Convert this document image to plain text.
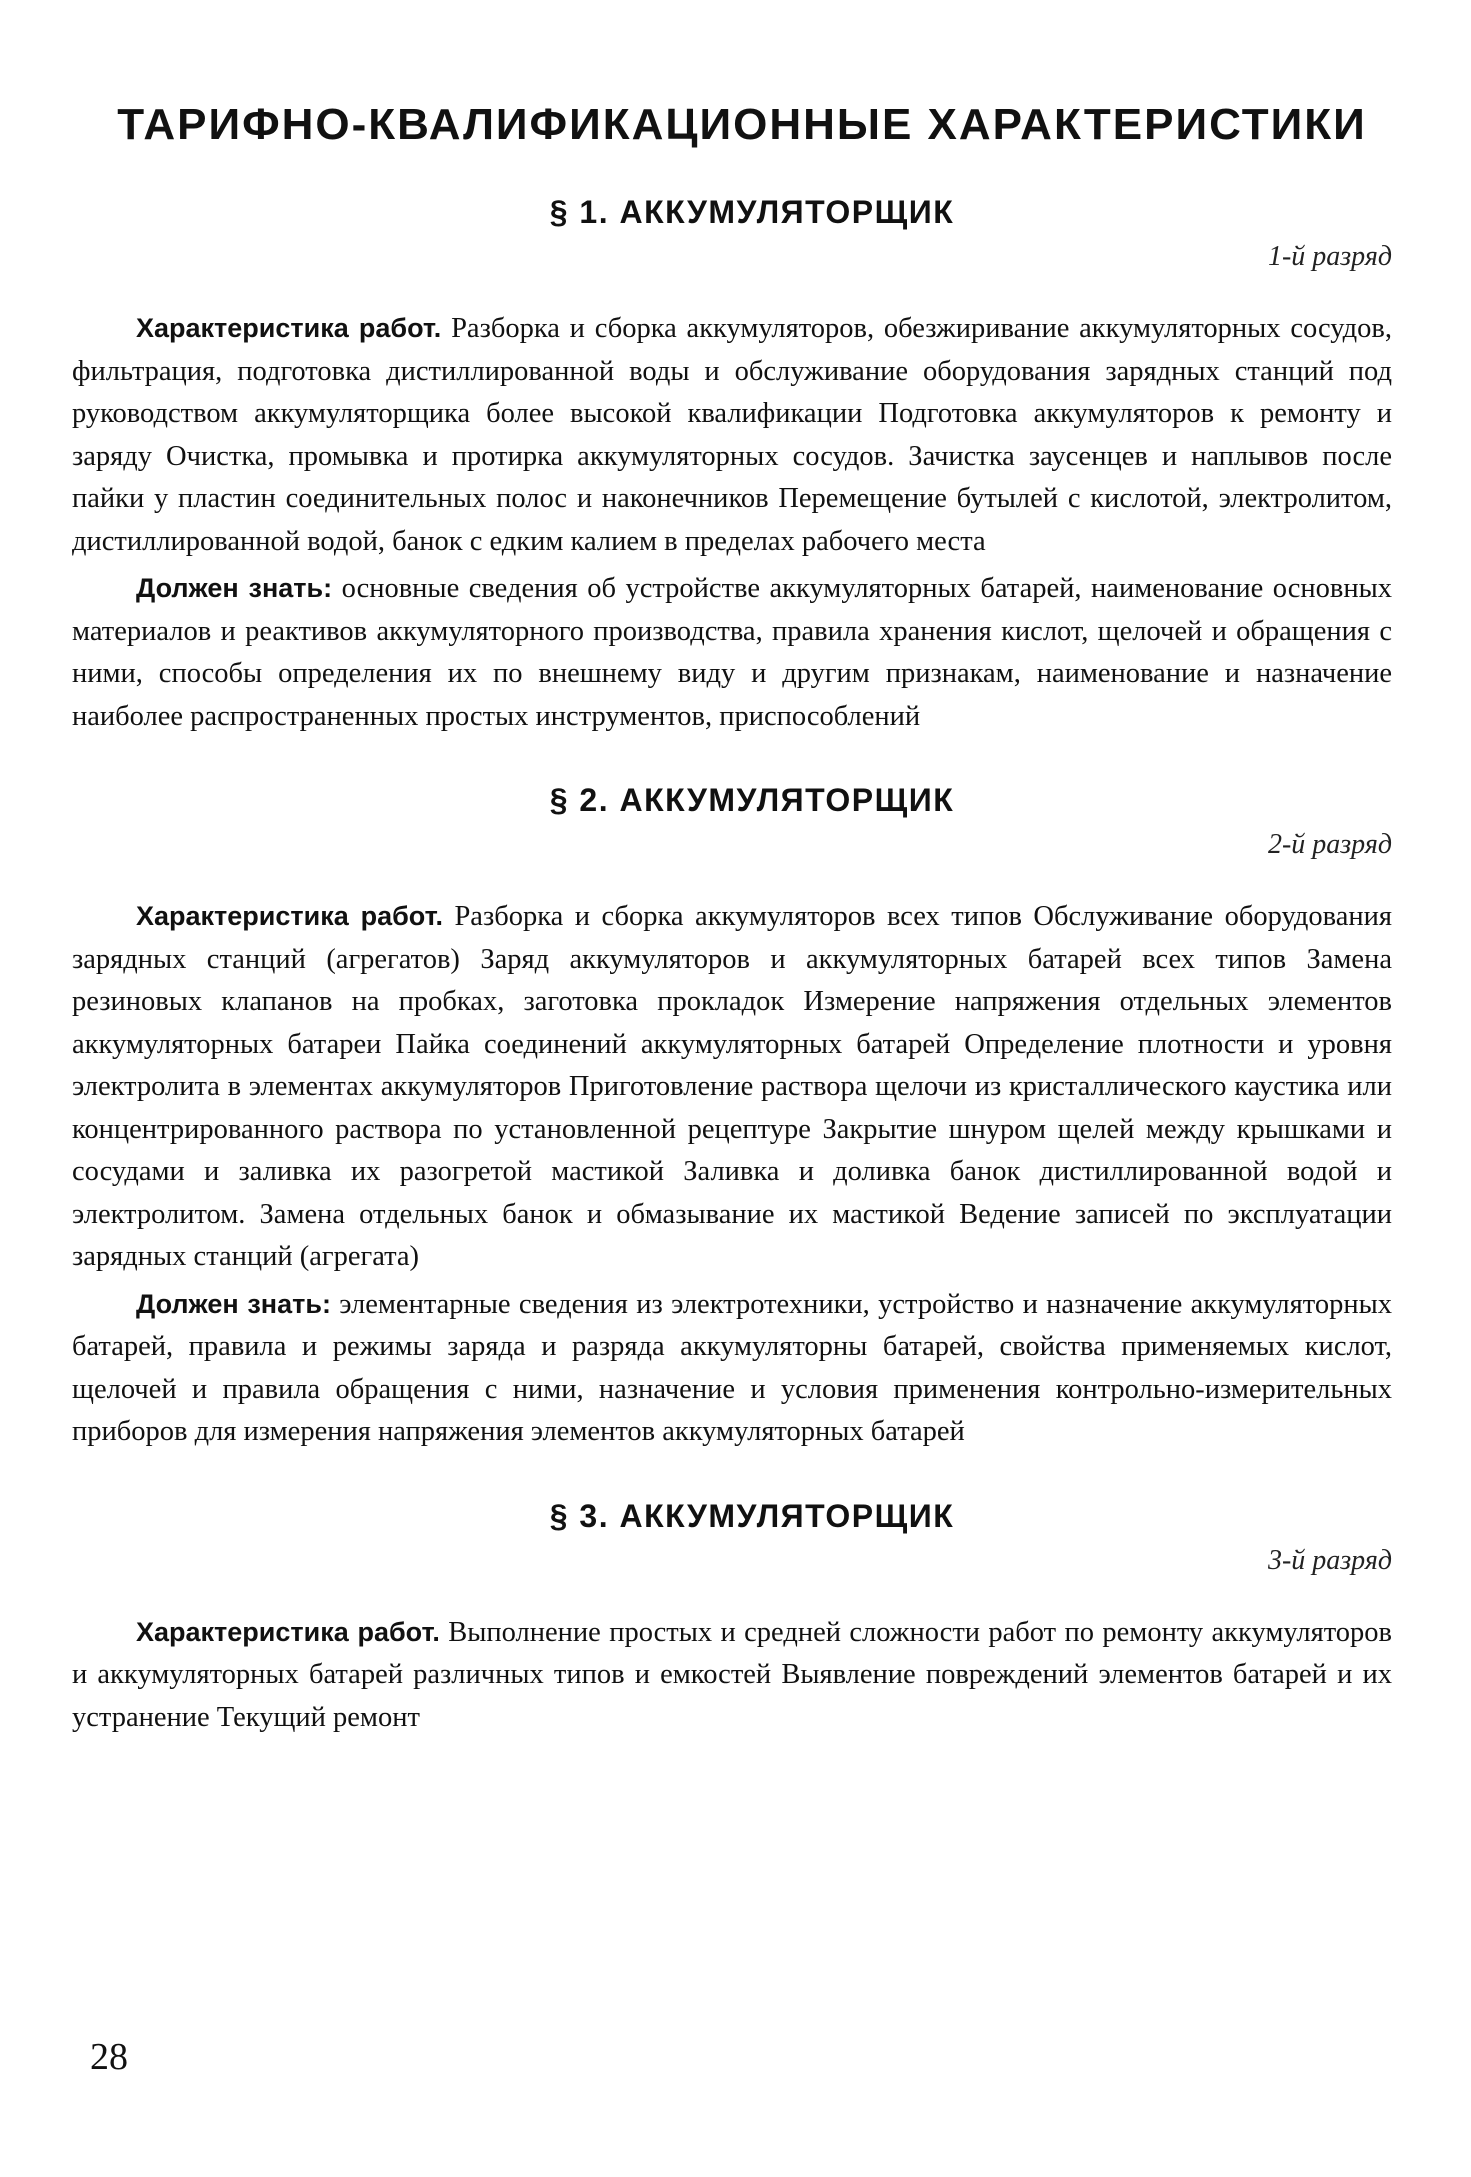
ТАРИФНО-КВАЛИФИКАЦИОННЫЕ ХАРАКТЕРИСТИКИ
§ 1. АККУМУЛЯТОРЩИК
1-й разряд

Характеристика работ. Разборка и сборка аккумуляторов, обезжиривание аккумуляторных сосудов, фильтрация, подготовка дистиллированной воды и обслуживание оборудования зарядных станций под руководством аккумуляторщика более высокой квалификации Подготовка аккумуляторов к ремонту и заряду Очистка, промывка и протирка аккумуляторных сосудов. Зачистка заусенцев и наплывов после пайки у пластин соединительных полос и наконечников Перемещение бутылей с кислотой, электролитом, дистиллированной водой, банок с едким калием в пределах рабочего места

Должен знать: основные сведения об устройстве аккумуляторных батарей, наименование основных материалов и реактивов аккумуляторного производства, правила хранения кислот, щелочей и обращения с ними, способы определения их по внешнему виду и другим признакам, наименование и назначение наиболее распространенных простых инструментов, приспособлений

§ 2. АККУМУЛЯТОРЩИК
2-й разряд

Характеристика работ. Разборка и сборка аккумуляторов всех типов Обслуживание оборудования зарядных станций (агрегатов) Заряд аккумуляторов и аккумуляторных батарей всех типов Замена резиновых клапанов на пробках, заготовка прокладок Измерение напряжения отдельных элементов аккумуляторных батареи Пайка соединений аккумуляторных батарей Определение плотности и уровня электролита в элементах аккумуляторов Приготовление раствора щелочи из кристаллического каустика или концентрированного раствора по установленной рецептуре Закрытие шнуром щелей между крышками и сосудами и заливка их разогретой мастикой Заливка и доливка банок дистиллированной водой и электролитом. Замена отдельных банок и обмазывание их мастикой Ведение записей по эксплуатации зарядных станций (агрегата)

Должен знать: элементарные сведения из электротехники, устройство и назначение аккумуляторных батарей, правила и режимы заряда и разряда аккумуляторны батарей, свойства применяемых кислот, щелочей и правила обращения с ними, назначение и условия применения контрольно-измерительных приборов для измерения напряжения элементов аккумуляторных батарей

§ 3. АККУМУЛЯТОРЩИК
3-й разряд

Характеристика работ. Выполнение простых и средней сложности работ по ремонту аккумуляторов и аккумуляторных батарей различных типов и емкостей Выявление повреждений элементов батарей и их устранение Текущий ремонт

28
